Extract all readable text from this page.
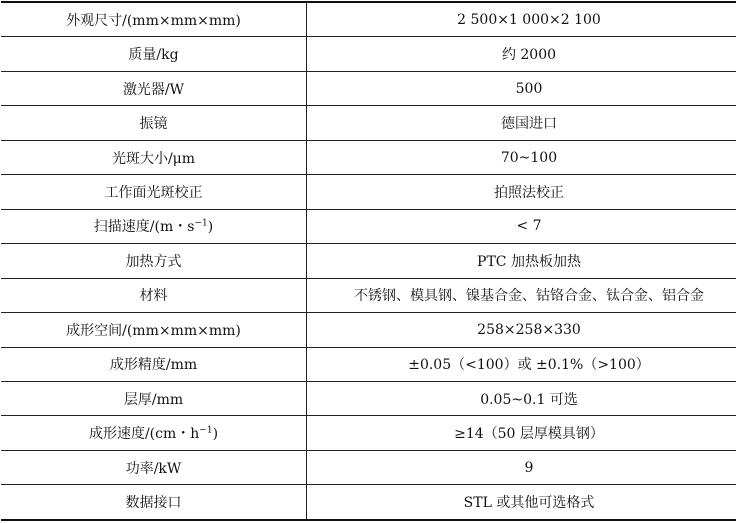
外观尺寸/(mm×mm×mm)	2 500×1 000×2 100
质量/kg	约 2000
激光器/W	500
振镜	德国进口
光斑大小/μm	70~100
工作面光斑校正	拍照法校正
扫描速度/(m・$s^{-1}$)	< 7
加热方式	PTC 加热板加热
材料	不锈钢、模具钢、镍基合金、钴铬合金、钛合金、铝合金
成形空间/(mm×mm×mm)	258×258×330
成形精度/mm	±0.05（<100）或 ±0.1%（>100）
层厚/mm	0.05~0.1 可选
成形速度/(cm・$h^{-1}$)	≥14（50 层厚模具钢）
功率/kW	9
数据接口	STL 或其他可选格式
